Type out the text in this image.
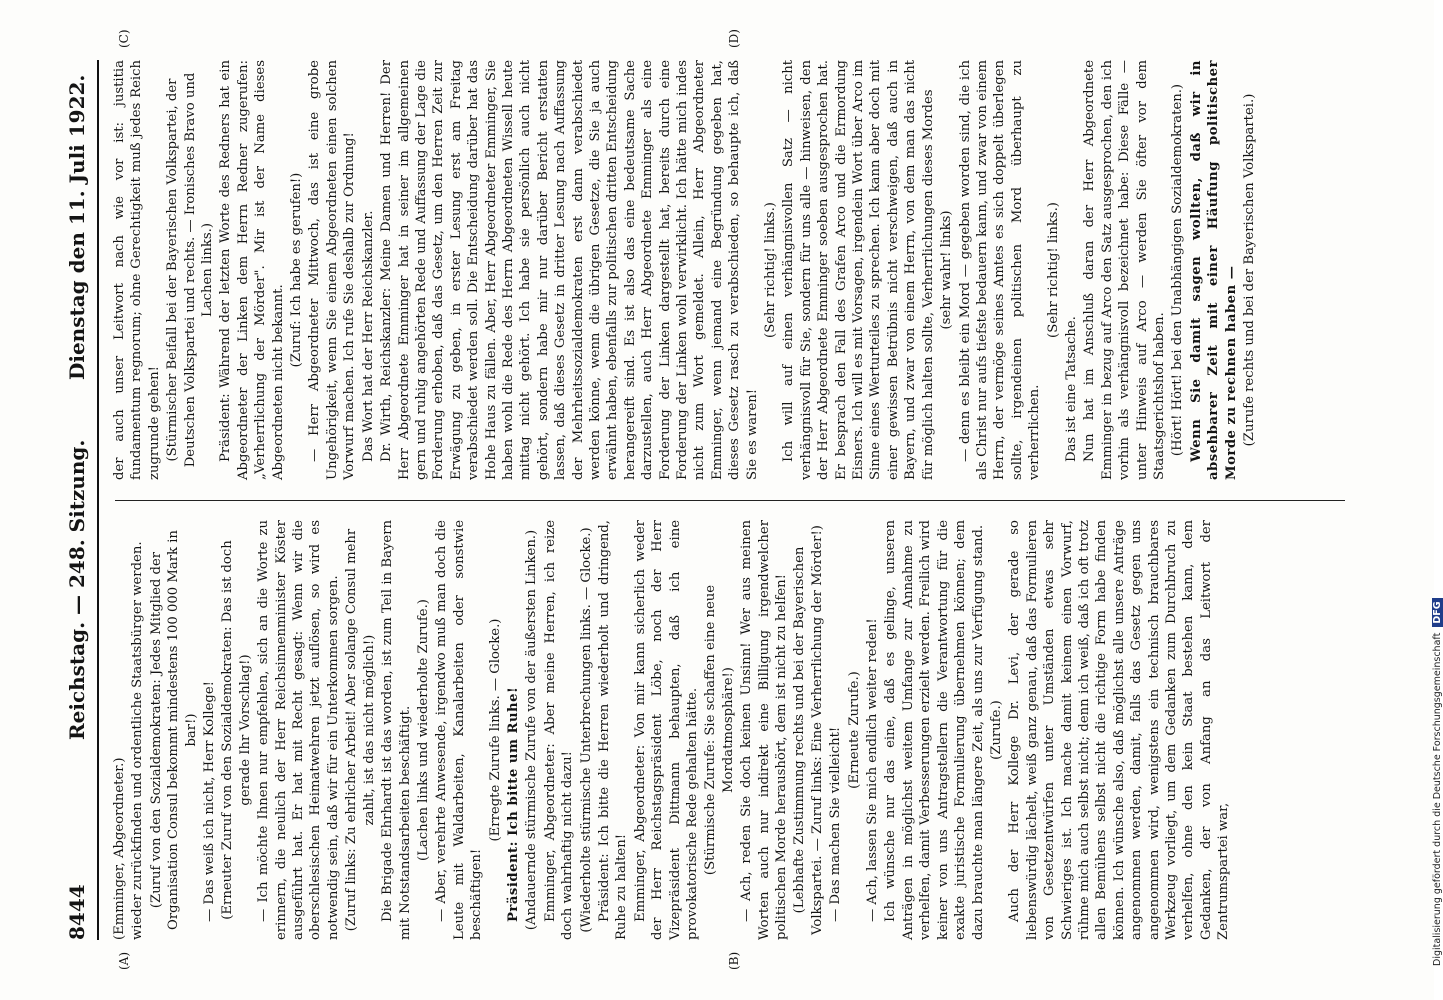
8444
Reichstag. — 248. Sitzung.
Dienstag den 11. Juli 1922.
(A)	(B)
(C)	(D)

(Emminger, Abgeordneter.) wieder zurückfinden und ordentliche Staatsbürger werden. (Zuruf von den Sozialdemokraten: Jedes Mitglied der Organisation Consul bekommt mindestens 100 000 Mark in bar!) — Das weiß ich nicht, Herr Kollege! (Erneuter Zuruf von den Sozialdemokraten: Das ist doch gerade Ihr Vorschlag!) — Ich möchte Ihnen nur empfehlen, sich an die Worte zu erinnern, die neulich der Herr Reichsinnenminister Köster ausgeführt hat. Er hat mit Recht gesagt: Wenn wir die oberschlesischen Heimatwehren jetzt auflösen, so wird es notwendig sein, daß wir für ein Unterkommen sorgen. (Zuruf links: Zu ehrlicher Arbeit! Aber solange Consul mehr zahlt, ist das nicht möglich!) Die Brigade Ehrhardt ist das worden, ist zum Teil in Bayern mit Notstandsarbeiten beschäftigt. (Lachen links und wiederholte Zurufe.) — Aber, verehrte Anwesende, irgendwo muß man doch die Leute mit Waldarbeiten, Kanalarbeiten oder sonstwie beschäftigen!

(Erregte Zurufe links. — Glocke.) Präsident: Ich bitte um Ruhe! (Andauernde stürmische Zurufe von der äußersten Linken.) Emminger, Abgeordneter: Aber meine Herren, ich reize doch wahrhaftig nicht dazu! (Wiederholte stürmische Unterbrechungen links. — Glocke.) Präsident: Ich bitte die Herren wiederholt und dringend, Ruhe zu halten! Emminger, Abgeordneter: Von mir kann sicherlich weder der Herr Reichstagspräsident Löbe, noch der Herr Vizepräsident Dittmann behaupten, daß ich eine provokatorische Rede gehalten hätte. (Stürmische Zurufe: Sie schaffen eine neue Mordatmosphäre!) — Ach, reden Sie doch keinen Unsinn! Wer aus meinen Worten auch nur indirekt eine Billigung irgendwelcher politischen Morde heraushört, dem ist nicht zu helfen! (Lebhafte Zustimmung rechts und bei der Bayerischen Volkspartei. — Zuruf links: Eine Verherrlichung der Mörder!) — Das machen Sie vielleicht! (Erneute Zurufe.) — Ach, lassen Sie mich endlich weiter reden! Ich wünsche nur das eine, daß es gelinge, unseren Anträgen in möglichst weitem Umfange zur Annahme zu verhelfen, damit Verbesserungen erzielt werden. Freilich wird keiner von uns Antragstellern die Verantwortung für die exakte juristische Formulierung übernehmen können; dem dazu brauchte man längere Zeit, als uns zur Verfügung stand. (Zurufe.) Auch der Herr Kollege Dr. Levi, der gerade so liebenswürdig lächelt, weiß ganz genau, daß das Formulieren von Gesetzentwürfen unter Umständen etwas sehr Schwieriges ist. Ich mache damit keinem einen Vorwurf, rühme mich auch selbst nicht; denn ich weiß, daß ich oft trotz allen Bemühens selbst nicht die richtige Form habe finden können. Ich wünsche also, daß möglichst alle unsere Anträge angenommen werden, damit, falls das Gesetz gegen uns angenommen wird, wenigstens ein technisch brauchbares Werkzeug vorliegt, um dem Gedanken zum Durchbruch zu verhelfen, ohne den kein Staat bestehen kann, dem Gedanken, der von Anfang an das Leitwort der Zentrumspartei war,

der auch unser Leitwort nach wie vor ist: justitia fundamentum regnorum; ohne Gerechtigkeit muß jedes Reich zugrunde gehen! (Stürmischer Beifall bei der Bayerischen Volkspartei, der Deutschen Volkspartei und rechts. — Ironisches Bravo und Lachen links.) Präsident: Während der letzten Worte des Redners hat ein Abgeordneter der Linken dem Herrn Redner zugerufen: „Verherrlichung der Mörder". Mir ist der Name dieses Abgeordneten nicht bekannt.

(Zuruf: Ich habe es gerufen!) — Herr Abgeordneter Mittwoch, das ist eine grobe Ungehörigkeit, wenn Sie einem Abgeordneten einen solchen Vorwurf machen. Ich rufe Sie deshalb zur Ordnung! Das Wort hat der Herr Reichskanzler. Dr. Wirth, Reichskanzler: Meine Damen und Herren! Der Herr Abgeordnete Emminger hat in seiner im allgemeinen gern und ruhig angehörten Rede und Auffassung der Lage die Forderung erhoben, daß das Gesetz, um den Herren Zeit zur Erwägung zu geben, in erster Lesung erst am Freitag verabschiedet werden soll. Die Entscheidung darüber hat das Hohe Haus zu fällen. Aber, Herr Abgeordneter Emminger, Sie haben wohl die Rede des Herrn Abgeordneten Wissell heute mittag nicht gehört. Ich habe sie persönlich auch nicht gehört, sondern habe mir nur darüber Bericht erstatten lassen, daß dieses Gesetz in dritter Lesung nach Auffassung der Mehrheitssozialdemokraten erst dann verabschiedet werden könne, wenn die übrigen Gesetze, die Sie ja auch erwähnt haben, ebenfalls zur politischen dritten Entscheidung herangereift sind. Es ist also das eine bedeutsame Sache darzustellen, auch Herr Abgeordnete Emminger als eine Forderung der Linken dargestellt hat, bereits durch eine Forderung der Linken wohl verwirklicht. Ich hätte mich indes nicht zum Wort gemeldet. Allein, Herr Abgeordneter Emminger, wenn jemand eine Begründung gegeben hat, dieses Gesetz rasch zu verabschieden, so behaupte ich, daß Sie es waren!

(Sehr richtig! links.) Ich will auf einen verhängnisvollen Satz — nicht verhängnisvoll für Sie, sondern für uns alle — hinweisen, den der Herr Abgeordnete Emminger soeben ausgesprochen hat. Er besprach den Fall des Grafen Arco und die Ermordung Eisners. Ich will es mit Vorsagen, irgendein Wort über Arco im Sinne eines Werturteiles zu sprechen. Ich kann aber doch mit einer gewissen Betrübnis nicht verschweigen, daß auch in Bayern, und zwar von einem Herrn, von dem man das nicht für möglich halten sollte, Verherrlichungen dieses Mordes (sehr wahr! links) — denn es bleibt ein Mord — gegeben worden sind, die ich als Christ nur aufs tiefste bedauern kann, und zwar von einem Herrn, der vermöge seines Amtes es sich doppelt überlegen sollte, irgendeinen politischen Mord überhaupt zu verherrlichen.

(Sehr richtig! links.)

Das ist eine Tatsache. Nun hat im Anschluß daran der Herr Abgeordnete Emminger in bezug auf Arco den Satz ausgesprochen, den ich vorhin als verhängnisvoll bezeichnet habe: Diese Fälle — unter Hinweis auf Arco — werden Sie öfter vor dem Staatsgerichtshof haben. (Hört! Hört! bei den Unabhängigen Sozialdemokraten.) Wenn Sie damit sagen wollten, daß wir in absehbarer Zeit mit einer Häufung politischer Morde zu rechnen haben — (Zurufe rechts und bei der Bayerischen Volkspartei.)

Digitalisierung gefördert durch die Deutsche Forschungsgemeinschaft DFG
